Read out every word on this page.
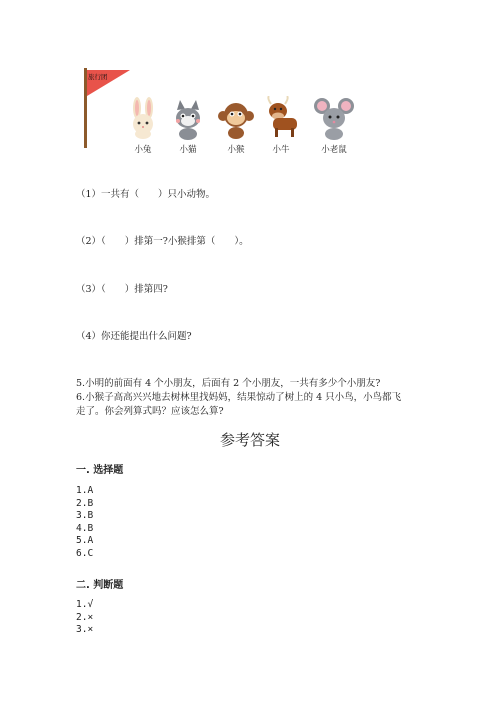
旅行团
小兔	小猫	小猴	小牛	小老鼠
（1）一共有（　　）只小动物。
（2）（　　）排第一?小猴排第（　　）。
（3）（　　）排第四?
（4）你还能提出什么问题?
5.小明的前面有 4 个小朋友，后面有 2 个小朋友，一共有多少个小朋友?
6.小猴子高高兴兴地去树林里找妈妈，结果惊动了树上的 4 只小鸟，小鸟都飞
走了。你会列算式吗？应该怎么算?
参考答案
一. 选择题
1.A
2.B
3.B
4.B
5.A
6.C
二. 判断题
1.√
2.×
3.×
